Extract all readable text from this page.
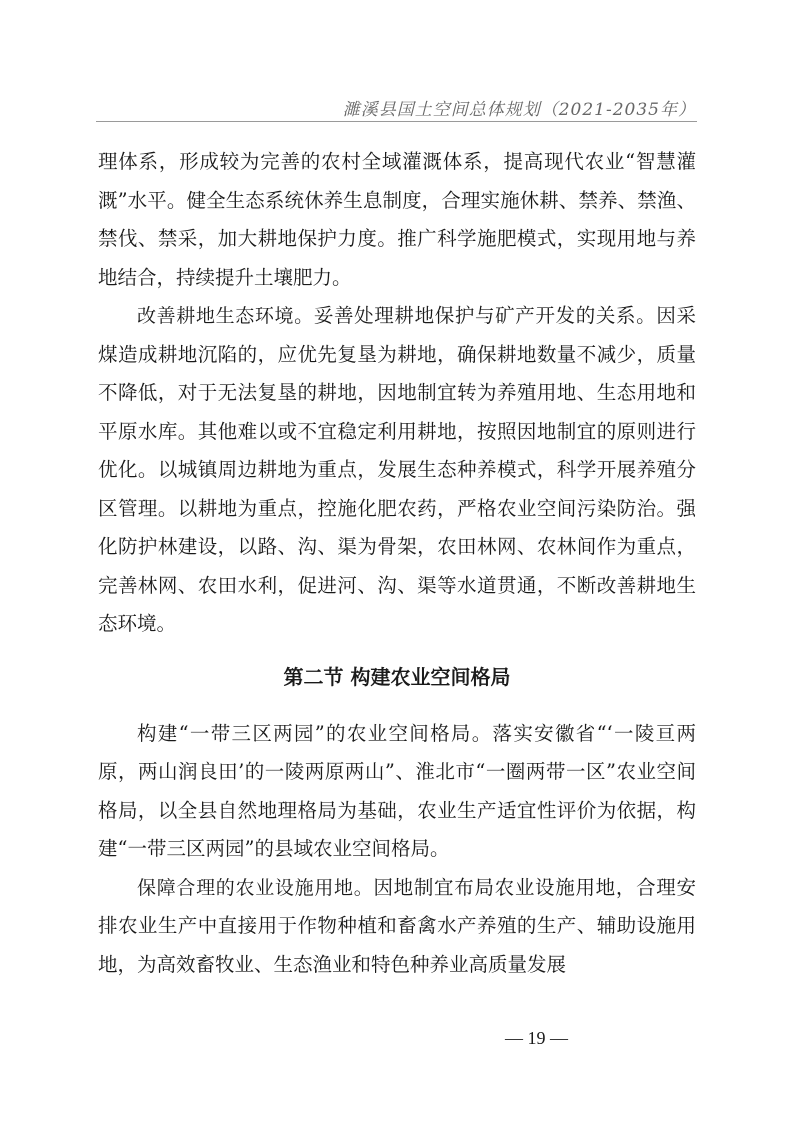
濉溪县国土空间总体规划（2021-2035年）

理体系，形成较为完善的农村全域灌溉体系，提高现代农业“智慧灌溉”水平。健全生态系统休养生息制度，合理实施休耕、禁养、禁渔、禁伐、禁采，加大耕地保护力度。推广科学施肥模式，实现用地与养地结合，持续提升土壤肥力。

改善耕地生态环境。妥善处理耕地保护与矿产开发的关系。因采煤造成耕地沉陷的，应优先复垦为耕地，确保耕地数量不减少，质量不降低，对于无法复垦的耕地，因地制宜转为养殖用地、生态用地和平原水库。其他难以或不宜稳定利用耕地，按照因地制宜的原则进行优化。以城镇周边耕地为重点，发展生态种养模式，科学开展养殖分区管理。以耕地为重点，控施化肥农药，严格农业空间污染防治。强化防护林建设，以路、沟、渠为骨架，农田林网、农林间作为重点，完善林网、农田水利，促进河、沟、渠等水道贯通，不断改善耕地生态环境。

第二节 构建农业空间格局

构建“一带三区两园”的农业空间格局。落实安徽省“‘一陵亘两原，两山润良田’的一陵两原两山”、淮北市“一圈两带一区”农业空间格局，以全县自然地理格局为基础，农业生产适宜性评价为依据，构建“一带三区两园”的县域农业空间格局。

保障合理的农业设施用地。因地制宜布局农业设施用地，合理安排农业生产中直接用于作物种植和畜禽水产养殖的生产、辅助设施用地，为高效畜牧业、生态渔业和特色种养业高质量发展

— 19 —
